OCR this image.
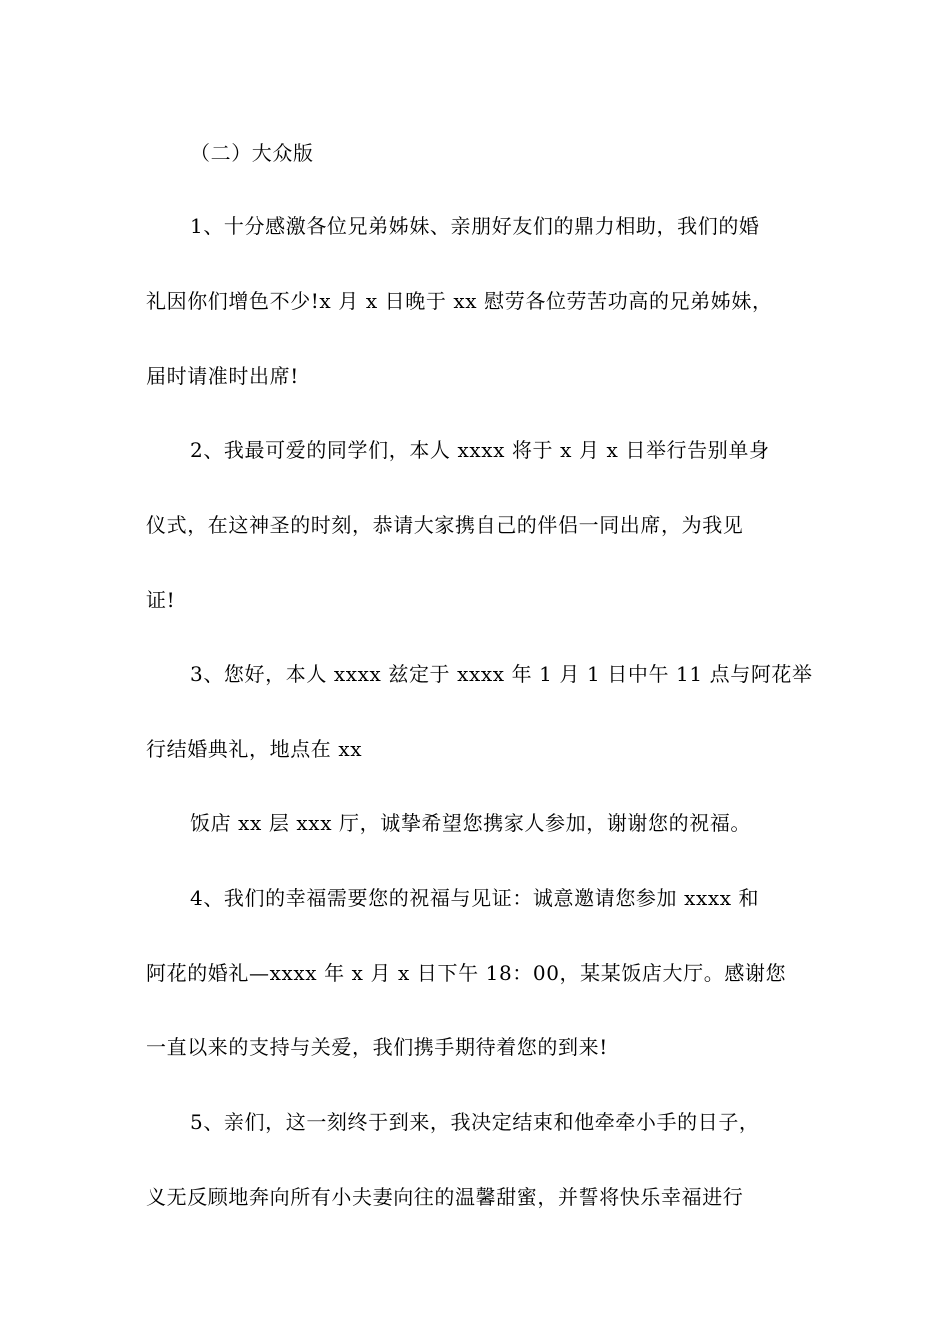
（二）大众版
1、十分感激各位兄弟姊妹、亲朋好友们的鼎力相助，我们的婚
礼因你们增色不少!x 月 x 日晚于 xx 慰劳各位劳苦功高的兄弟姊妹，
届时请准时出席!
2、我最可爱的同学们，本人 xxxx 将于 x 月 x 日举行告别单身
仪式，在这神圣的时刻，恭请大家携自己的伴侣一同出席，为我见
证!
3、您好，本人 xxxx 兹定于 xxxx 年 1 月 1 日中午 11 点与阿花举
行结婚典礼，地点在 xx
饭店 xx 层 xxx 厅，诚挚希望您携家人参加，谢谢您的祝福。
4、我们的幸福需要您的祝福与见证：诚意邀请您参加 xxxx 和
阿花的婚礼—xxxx 年 x 月 x 日下午 18：00，某某饭店大厅。感谢您
一直以来的支持与关爱，我们携手期待着您的到来!
5、亲们，这一刻终于到来，我决定结束和他牵牵小手的日子，
义无反顾地奔向所有小夫妻向往的温馨甜蜜，并誓将快乐幸福进行
